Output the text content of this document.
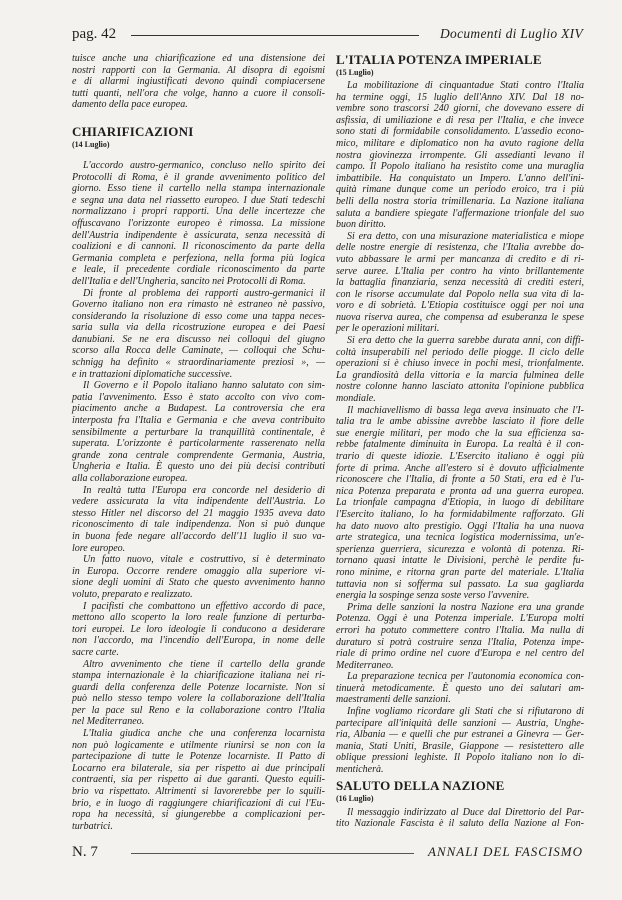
pag. 42	Documenti di Luglio XIV
tuisce anche una chiarificazione ed una distensione dei
nostri rapporti con la Germania. Al disopra di egoismi
e di allarmi ingiustificati devono quindi compiacersene
tutti quanti, nell'ora che volge, hanno a cuore il consoli-
damento della pace europea.
CHIARIFICAZIONI
(14 Luglio)
L'accordo austro-germanico, concluso nello spirito dei
Protocolli di Roma, è il grande avvenimento politico del
giorno. Esso tiene il cartello nella stampa internazionale
e segna una data nel riassetto europeo. I due Stati tedeschi
normalizzano i propri rapporti. Una delle incertezze che
offuscavano l'orizzonte europeo è rimossa. La missione
dell'Austria indipendente è assicurata, senza necessità di
coalizioni e di cannoni. Il riconoscimento da parte della
Germania completa e perfeziona, nella forma più logica
e leale, il precedente cordiale riconoscimento da parte
dell'Italia e dell'Ungheria, sancito nei Protocolli di Roma.
Di fronte al problema dei rapporti austro-germanici il
Governo italiano non era rimasto nè estraneo nè passivo,
considerando la risoluzione di esso come una tappa neces-
saria sulla via della ricostruzione europea e dei Paesi
danubiani. Se ne era discusso nei colloqui del giugno
scorso alla Rocca delle Caminate, — colloqui che Schu-
schnigg ha definito « straordinariamente preziosi », —
e in trattazioni diplomatiche successive.
Il Governo e il Popolo italiano hanno salutato con sim-
patia l'avvenimento. Esso è stato accolto con vivo com-
piacimento anche a Budapest. La controversia che era
interposta fra l'Italia e Germania e che aveva contribuito
sensibilmente a perturbare la tranquillità continentale, è
superata. L'orizzonte è particolarmente rasserenato nella
grande zona centrale comprendente Germania, Austria,
Ungheria e Italia. È questo uno dei più decisi contributi
alla collaborazione europea.
In realtà tutta l'Europa era concorde nel desiderio di
vedere assicurata la vita indipendente dell'Austria. Lo
stesso Hitler nel discorso del 21 maggio 1935 aveva dato
riconoscimento di tale indipendenza. Non si può dunque
in buona fede negare all'accordo dell'11 luglio il suo va-
lore europeo.
Un fatto nuovo, vitale e costruttivo, si è determinato
in Europa. Occorre rendere omaggio alla superiore vi-
sione degli uomini di Stato che questo avvenimento hanno
voluto, preparato e realizzato.
I pacifisti che combattono un effettivo accordo di pace,
mettono allo scoperto la loro reale funzione di perturba-
tori europei. Le loro ideologie li conducono a desiderare
non l'accordo, ma l'incendio dell'Europa, in nome delle
sacre carte.
Altro avvenimento che tiene il cartello della grande
stampa internazionale è la chiarificazione italiana nei ri-
guardi della conferenza delle Potenze locarniste. Non si
può nello stesso tempo volere la collaborazione dell'Italia
per la pace sul Reno e la collaborazione contro l'Italia
nel Mediterraneo.
L'Italia giudica anche che una conferenza locarnista
non può logicamente e utilmente riunirsi se non con la
partecipazione di tutte le Potenze locarniste. Il Patto di
Locarno era bilaterale, sia per rispetto ai due principali
contraenti, sia per rispetto ai due garanti. Questo equili-
brio va rispettato. Altrimenti si lavorerebbe per lo squili-
brio, e in luogo di raggiungere chiarificazioni di cui l'Eu-
ropa ha necessità, si giungerebbe a complicazioni per-
turbatrici.
L'ITALIA POTENZA IMPERIALE
(15 Luglio)
La mobilitazione di cinquantadue Stati contro l'Italia
ha termine oggi, 15 luglio dell'Anno XIV. Dal 18 no-
vembre sono trascorsi 240 giorni, che dovevano essere di
asfissia, di umiliazione e di resa per l'Italia, e che invece
sono stati di formidabile consolidamento. L'assedio econo-
mico, militare e diplomatico non ha avuto ragione della
nostra giovinezza irrompente. Gli assedianti levano il
campo. Il Popolo italiano ha resistito come una muraglia
imbattibile. Ha conquistato un Impero. L'anno dell'ini-
quità rimane dunque come un periodo eroico, tra i più
belli della nostra storia trimillenaria. La Nazione italiana
saluta a bandiere spiegate l'affermazione trionfale del suo
buon diritto.
Si era detto, con una misurazione materialistica e miope
delle nostre energie di resistenza, che l'Italia avrebbe do-
vuto abbassare le armi per mancanza di credito e di ri-
serve auree. L'Italia per contro ha vinto brillantemente
la battaglia finanziaria, senza necessità di crediti esteri,
con le risorse accumulate dal Popolo nella sua vita di la-
voro e di sobrietà. L'Etiopia costituisce oggi per noi una
nuova riserva aurea, che compensa ad esuberanza le spese
per le operazioni militari.
Si era detto che la guerra sarebbe durata anni, con diffi-
coltà insuperabili nel periodo delle piogge. Il ciclo delle
operazioni si è chiuso invece in pochi mesi, trionfalmente.
La grandiosità della vittoria e la marcia fulminea delle
nostre colonne hanno lasciato attonita l'opinione pubblica
mondiale.
Il machiavellismo di bassa lega aveva insinuato che l'I-
talia tra le ambe abissine avrebbe lasciato il fiore delle
sue energie militari, per modo che la sua efficienza sa-
rebbe fatalmente diminuita in Europa. La realtà è il con-
trario di queste idiozie. L'Esercito italiano è oggi più
forte di prima. Anche all'estero si è dovuto ufficialmente
riconoscere che l'Italia, di fronte a 50 Stati, era ed è l'u-
nica Potenza preparata e pronta ad una guerra europea.
La trionfale campagna d'Etiopia, in luogo di debilitare
l'Esercito italiano, lo ha formidabilmente rafforzato. Gli
ha dato nuovo alto prestigio. Oggi l'Italia ha una nuova
arte strategica, una tecnica logistica modernissima, un'e-
sperienza guerriera, sicurezza e volontà di potenza. Ri-
tornano quasi intatte le Divisioni, perchè le perdite fu-
rono minime, e ritorna gran parte del materiale. L'Italia
tuttavia non si sofferma sul passato. La sua gagliarda
energia la sospinge senza soste verso l'avvenire.
Prima delle sanzioni la nostra Nazione era una grande
Potenza. Oggi è una Potenza imperiale. L'Europa molti
errori ha potuto commettere contro l'Italia. Ma nulla di
duraturo si potrà costruire senza l'Italia, Potenza impe-
riale di primo ordine nel cuore d'Europa e nel centro del
Mediterraneo.
La preparazione tecnica per l'autonomia economica con-
tinuerà metodicamente. È questo uno dei salutari am-
maestramenti delle sanzioni.
Infine vogliamo ricordare gli Stati che si rifiutarono di
partecipare all'iniquità delle sanzioni — Austria, Unghe-
ria, Albania — e quelli che pur estranei a Ginevra — Ger-
mania, Stati Uniti, Brasile, Giappone — resistettero alle
oblique pressioni leghiste. Il Popolo italiano non lo di-
menticherà.
SALUTO DELLA NAZIONE
(16 Luglio)
Il messaggio indirizzato al Duce dal Direttorio del Par-
tito Nazionale Fascista è il saluto della Nazione al Fon-
N. 7	ANNALI DEL FASCISMO
